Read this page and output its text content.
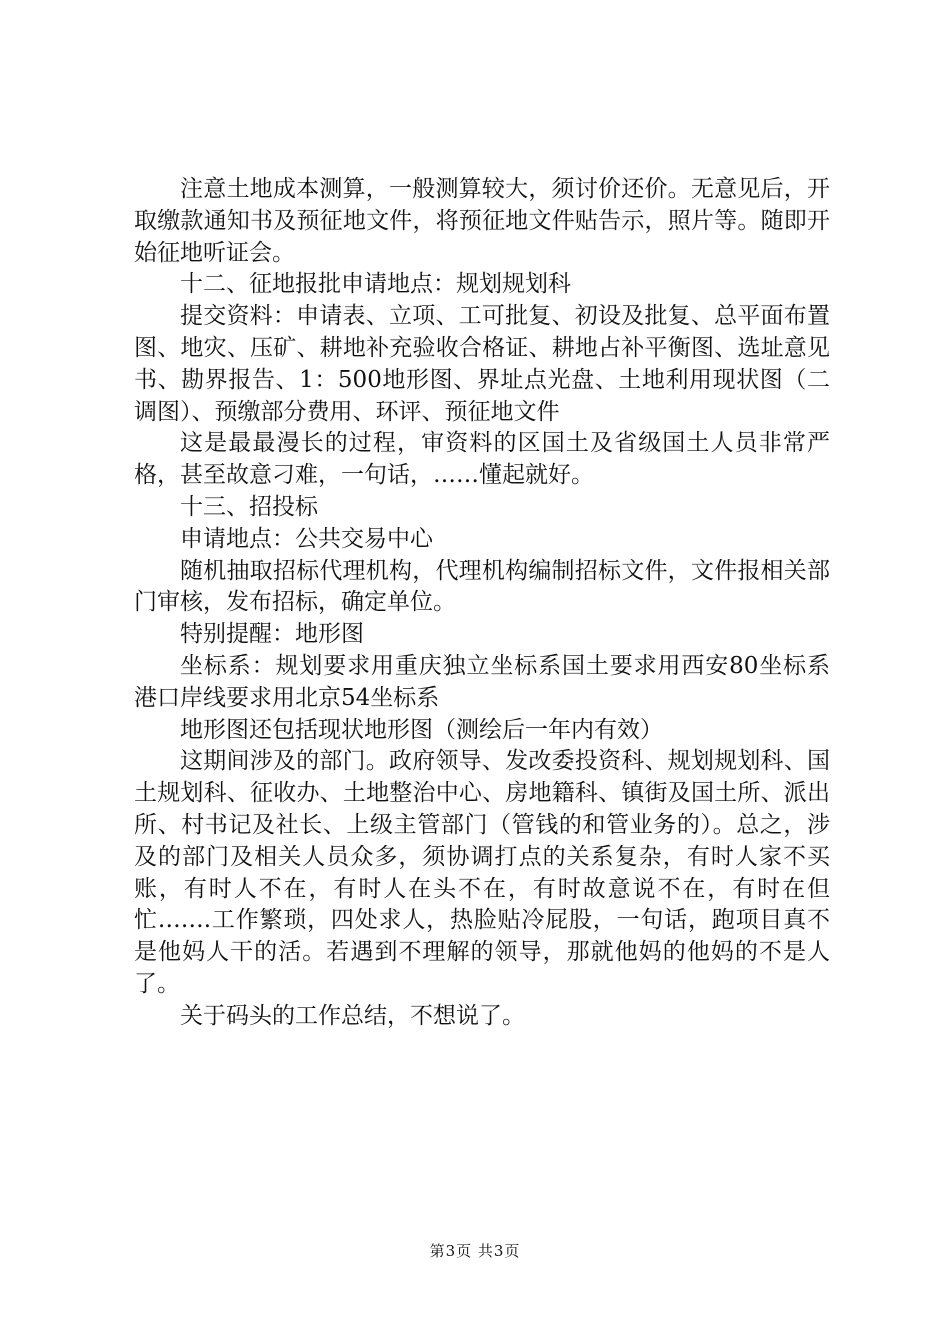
注意土地成本测算，一般测算较大，须讨价还价。无意见后，开取缴款通知书及预征地文件，将预征地文件贴告示，照片等。随即开始征地听证会。

十二、征地报批申请地点：规划规划科

提交资料：申请表、立项、工可批复、初设及批复、总平面布置图、地灾、压矿、耕地补充验收合格证、耕地占补平衡图、选址意见书、勘界报告、1：500地形图、界址点光盘、土地利用现状图（二调图）、预缴部分费用、环评、预征地文件

这是最最漫长的过程，审资料的区国土及省级国土人员非常严格，甚至故意刁难，一句话，……懂起就好。

十三、招投标

申请地点：公共交易中心

随机抽取招标代理机构，代理机构编制招标文件，文件报相关部门审核，发布招标，确定单位。

特别提醒：地形图

坐标系：规划要求用重庆独立坐标系国土要求用西安80坐标系港口岸线要求用北京54坐标系

地形图还包括现状地形图（测绘后一年内有效）

这期间涉及的部门。政府领导、发改委投资科、规划规划科、国土规划科、征收办、土地整治中心、房地籍科、镇街及国土所、派出所、村书记及社长、上级主管部门（管钱的和管业务的）。总之，涉及的部门及相关人员众多，须协调打点的关系复杂，有时人家不买账，有时人不在，有时人在头不在，有时故意说不在，有时在但忙…….工作繁琐，四处求人，热脸贴冷屁股，一句话，跑项目真不是他妈人干的活。若遇到不理解的领导，那就他妈的他妈的不是人了。

关于码头的工作总结，不想说了。

第3页 共3页
